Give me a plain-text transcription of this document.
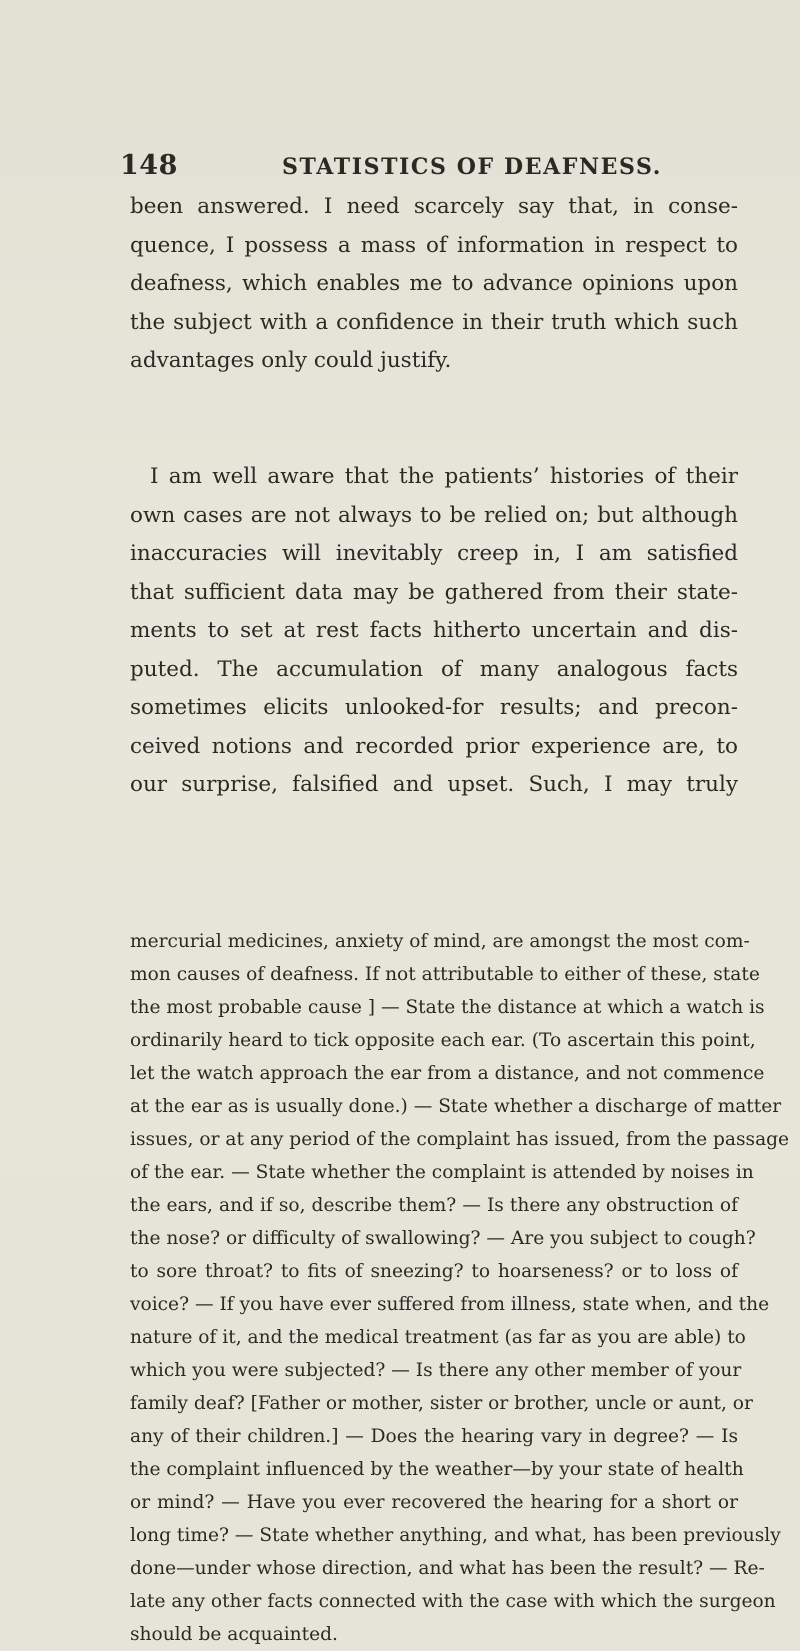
148	STATISTICS OF DEAFNESS.
been answered. I need scarcely say that, in conse-
quence, I possess a mass of information in respect to
deafness, which enables me to advance opinions upon
the subject with a confidence in their truth which such
advantages only could justify.
I am well aware that the patients’ histories of their
own cases are not always to be relied on; but although
inaccuracies will inevitably creep in, I am satisfied
that sufficient data may be gathered from their state-
ments to set at rest facts hitherto uncertain and dis-
puted. The accumulation of many analogous facts
sometimes elicits unlooked-for results; and precon-
ceived notions and recorded prior experience are, to
our surprise, falsified and upset. Such, I may truly
mercurial medicines, anxiety of mind, are amongst the most com-
mon causes of deafness. If not attributable to either of these, state
the most probable cause ] — State the distance at which a watch is
ordinarily heard to tick opposite each ear. (To ascertain this point,
let the watch approach the ear from a distance, and not commence
at the ear as is usually done.) — State whether a discharge of matter
issues, or at any period of the complaint has issued, from the passage
of the ear. — State whether the complaint is attended by noises in
the ears, and if so, describe them? — Is there any obstruction of
the nose? or difficulty of swallowing? — Are you subject to cough?
to sore throat? to fits of sneezing? to hoarseness? or to loss of
voice? — If you have ever suffered from illness, state when, and the
nature of it, and the medical treatment (as far as you are able) to
which you were subjected? — Is there any other member of your
family deaf? [Father or mother, sister or brother, uncle or aunt, or
any of their children.] — Does the hearing vary in degree? — Is
the complaint influenced by the weather—by your state of health
or mind? — Have you ever recovered the hearing for a short or
long time? — State whether anything, and what, has been previously
done—under whose direction, and what has been the result? — Re-
late any other facts connected with the case with which the surgeon
should be acquainted.
